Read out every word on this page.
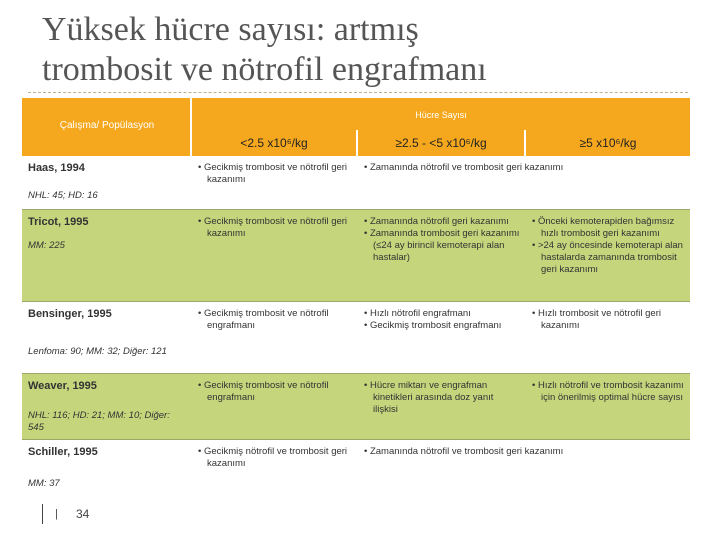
Yüksek hücre sayısı: artmış
trombosit ve nötrofil engrafmanı
Çalışma/ Popülasyon
Hücre Sayısı
<2.5 x10⁶/kg	≥2.5 - <5 x10⁶/kg	≥5 x10⁶/kg
Haas, 1994
NHL: 45; HD: 16
• Gecikmiş trombosit ve nötrofil geri kazanımı
• Zamanında nötrofil ve trombosit geri kazanımı
Tricot, 1995
MM: 225
• Gecikmiş trombosit ve nötrofil geri kazanımı
• Zamanında nötrofil geri kazanımı
• Zamanında trombosit geri kazanımı (≤24 ay birincil kemoterapi alan hastalar)
• Önceki kemoterapiden bağımsız hızlı trombosit geri kazanımı
• >24 ay öncesinde kemoterapi alan hastalarda zamanında trombosit geri kazanımı
Bensinger, 1995
Lenfoma: 90; MM: 32; Diğer: 121
• Gecikmiş trombosit ve nötrofil engrafmanı
• Hızlı nötrofil engrafmanı
• Gecikmiş trombosit engrafmanı
• Hızlı trombosit ve nötrofil geri kazanımı
Weaver, 1995
NHL: 116; HD: 21; MM: 10; Diğer: 545
• Gecikmiş trombosit ve nötrofil engrafmanı
• Hücre miktarı ve engrafman kinetikleri arasında doz yanıt ilişkisi
• Hızlı nötrofil ve trombosit kazanımı için önerilmiş optimal hücre sayısı
Schiller, 1995
MM: 37
• Gecikmiş nötrofil ve trombosit geri kazanımı
• Zamanında nötrofil ve trombosit geri kazanımı
| 34
